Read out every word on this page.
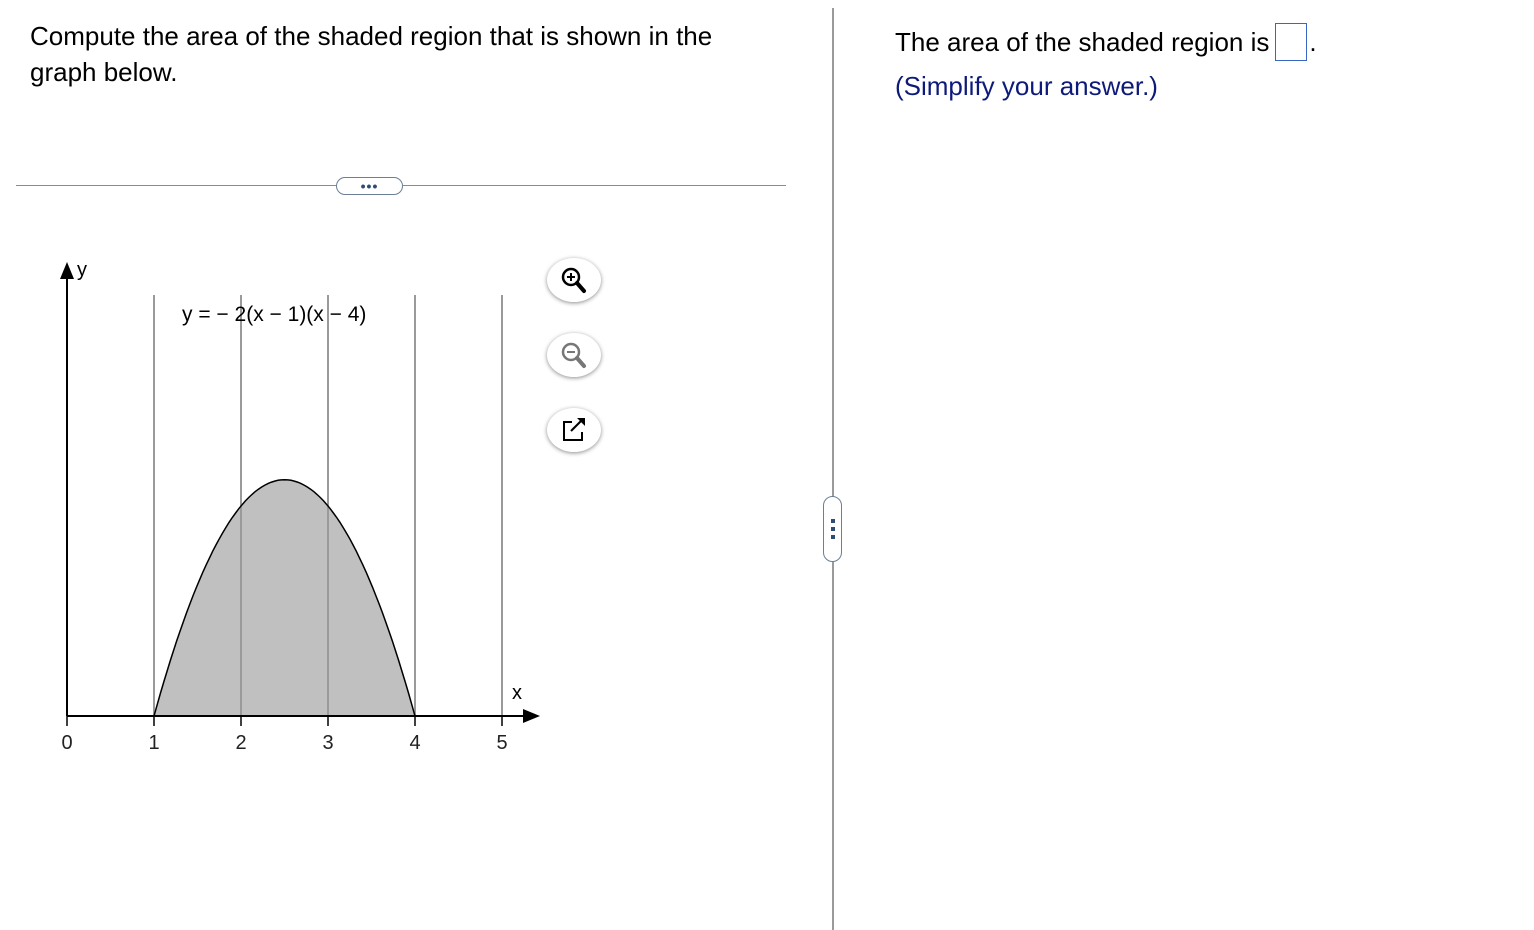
Compute the area of the shaded region that is shown in the graph below.

•••
y
x
0	1	2	3	4	5
y = − 2(x − 1)(x − 4)
The area of the shaded region is .
(Simplify your answer.)
